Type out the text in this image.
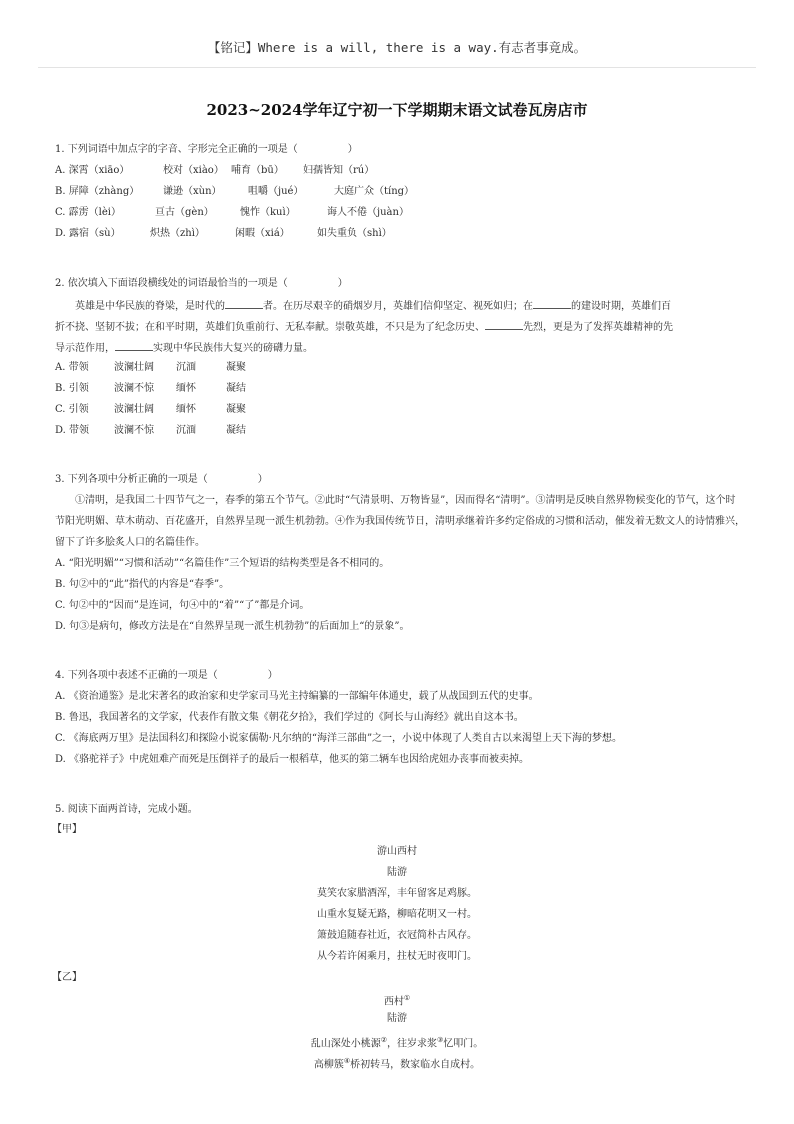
【铭记】Where is a will, there is a way.有志者事竟成。
2023~2024学年辽宁初一下学期期末语文试卷瓦房店市
1. 下列词语中加点字的字音、字形完全正确的一项是（　　　　　）
A. 深霄（xiāo）	校对（xiào） 哺育（bū） 妇孺皆知（rú）
B. 屏障（zhàng） 谦逊（xùn）	咀嚼（jué）	大庭广众（tíng）
C. 霹雳（lèi）	亘古（gèn）	愧怍（kuì）	诲人不倦（juàn）
D. 露宿（sù）	炽热（zhì）	闲暇（xiá）	如失重负（shì）
2. 依次填入下面语段横线处的词语最恰当的一项是（　　　　　）
英雄是中华民族的脊梁，是时代的	者。在历尽艰辛的硝烟岁月，英雄们信仰坚定、视死如归；在	的建设时期，英雄们百
折不挠、坚韧不拔；在和平时期，英雄们负重前行、无私奉献。崇敬英雄，不只是为了纪念历史、	先烈，更是为了发挥英雄精神的先
导示范作用，	实现中华民族伟大复兴的磅礴力量。
A. 带领	波澜壮阔 沉湎	凝聚
B. 引领	波澜不惊 缅怀	凝结
C. 引领	波澜壮阔 缅怀	凝聚
D. 带领 波澜不惊 沉湎	凝结
3. 下列各项中分析正确的一项是（　　　　　）

①清明，是我国二十四节气之一，春季的第五个节气。②此时“气清景明、万物皆显”，因而得名“清明”。③清明是反映自然界物候变化的节气，这个时节阳光明媚、草木萌动、百花盛开，自然界呈现一派生机勃勃。④作为我国传统节日，清明承继着许多约定俗成的习惯和活动，催发着无数文人的诗情雅兴，留下了许多脍炙人口的名篇佳作。

A. “阳光明媚”“习惯和活动”“名篇佳作”三个短语的结构类型是各不相同的。
B. 句②中的“此”指代的内容是“春季”。
C. 句②中的“因而”是连词，句④中的“着”“了”都是介词。
D. 句③是病句，修改方法是在“自然界呈现一派生机勃勃”的后面加上“的景象”。
4. 下列各项中表述不正确的一项是（　　　　　）
A. 《资治通鉴》是北宋著名的政治家和史学家司马光主持编纂的一部编年体通史，载了从战国到五代的史事。
B. 鲁迅，我国著名的文学家，代表作有散文集《朝花夕拾》，我们学过的《阿长与山海经》就出自这本书。
C. 《海底两万里》是法国科幻和探险小说家儒勒·凡尔纳的“海洋三部曲”之一，小说中体现了人类自古以来渴望上天下海的梦想。
D. 《骆驼祥子》中虎妞难产而死是压倒祥子的最后一根稻草，他买的第二辆车也因给虎妞办丧事而被卖掉。
5. 阅读下面两首诗，完成小题。
【甲】
游山西村
陆游
莫笑农家腊酒浑，丰年留客足鸡豚。
山重水复疑无路，柳暗花明又一村。
箫鼓追随春社近，衣冠简朴古风存。
从今若许闲乘月，拄杖无时夜叩门。
【乙】
西村①
陆游
乱山深处小桃源②，往岁求浆③忆叩门。
高柳簇④桥初转马，数家临水自成村。
